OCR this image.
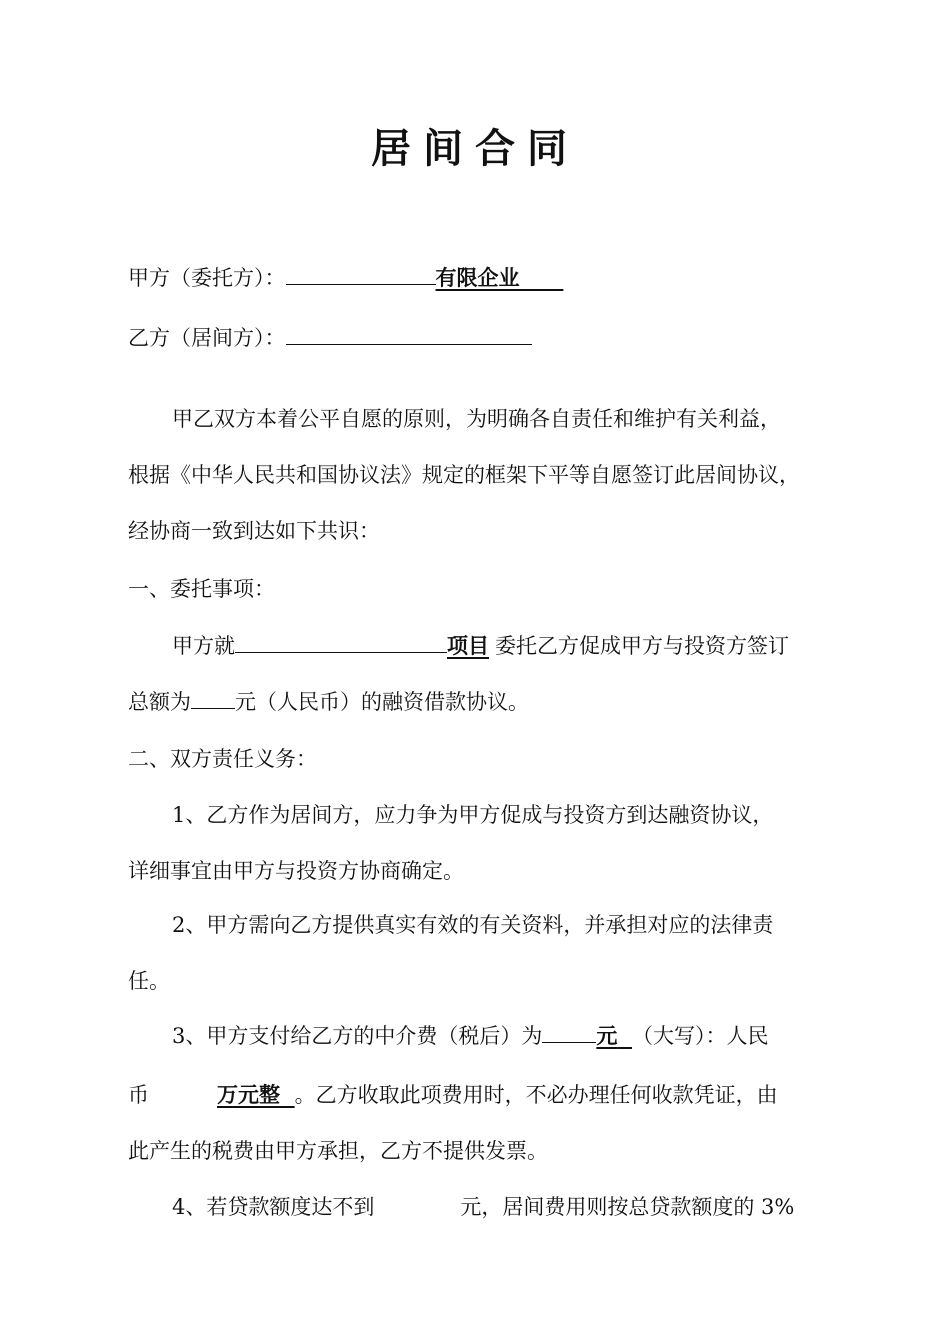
居间合同
甲方（委托方）：	有限企业
乙方（居间方）：
甲乙双方本着公平自愿的原则，为明确各自责任和维护有关利益，
根据《中华人民共和国协议法》规定的框架下平等自愿签订此居间协议，
经协商一致到达如下共识：
一、委托事项：
甲方就	项目 委托乙方促成甲方与投资方签订
总额为 元（人民币）的融资借款协议。
二、双方责任义务：
1、乙方作为居间方，应力争为甲方促成与投资方到达融资协议，
详细事宜由甲方与投资方协商确定。
2、甲方需向乙方提供真实有效的有关资料，并承担对应的法律责
任。
3、甲方支付给乙方的中介费（税后）为	元 （大写）：人民
币	万元整 。乙方收取此项费用时，不必办理任何收款凭证，由
此产生的税费由甲方承担，乙方不提供发票。
4、若贷款额度达不到	元，居间费用则按总贷款额度的 3%
